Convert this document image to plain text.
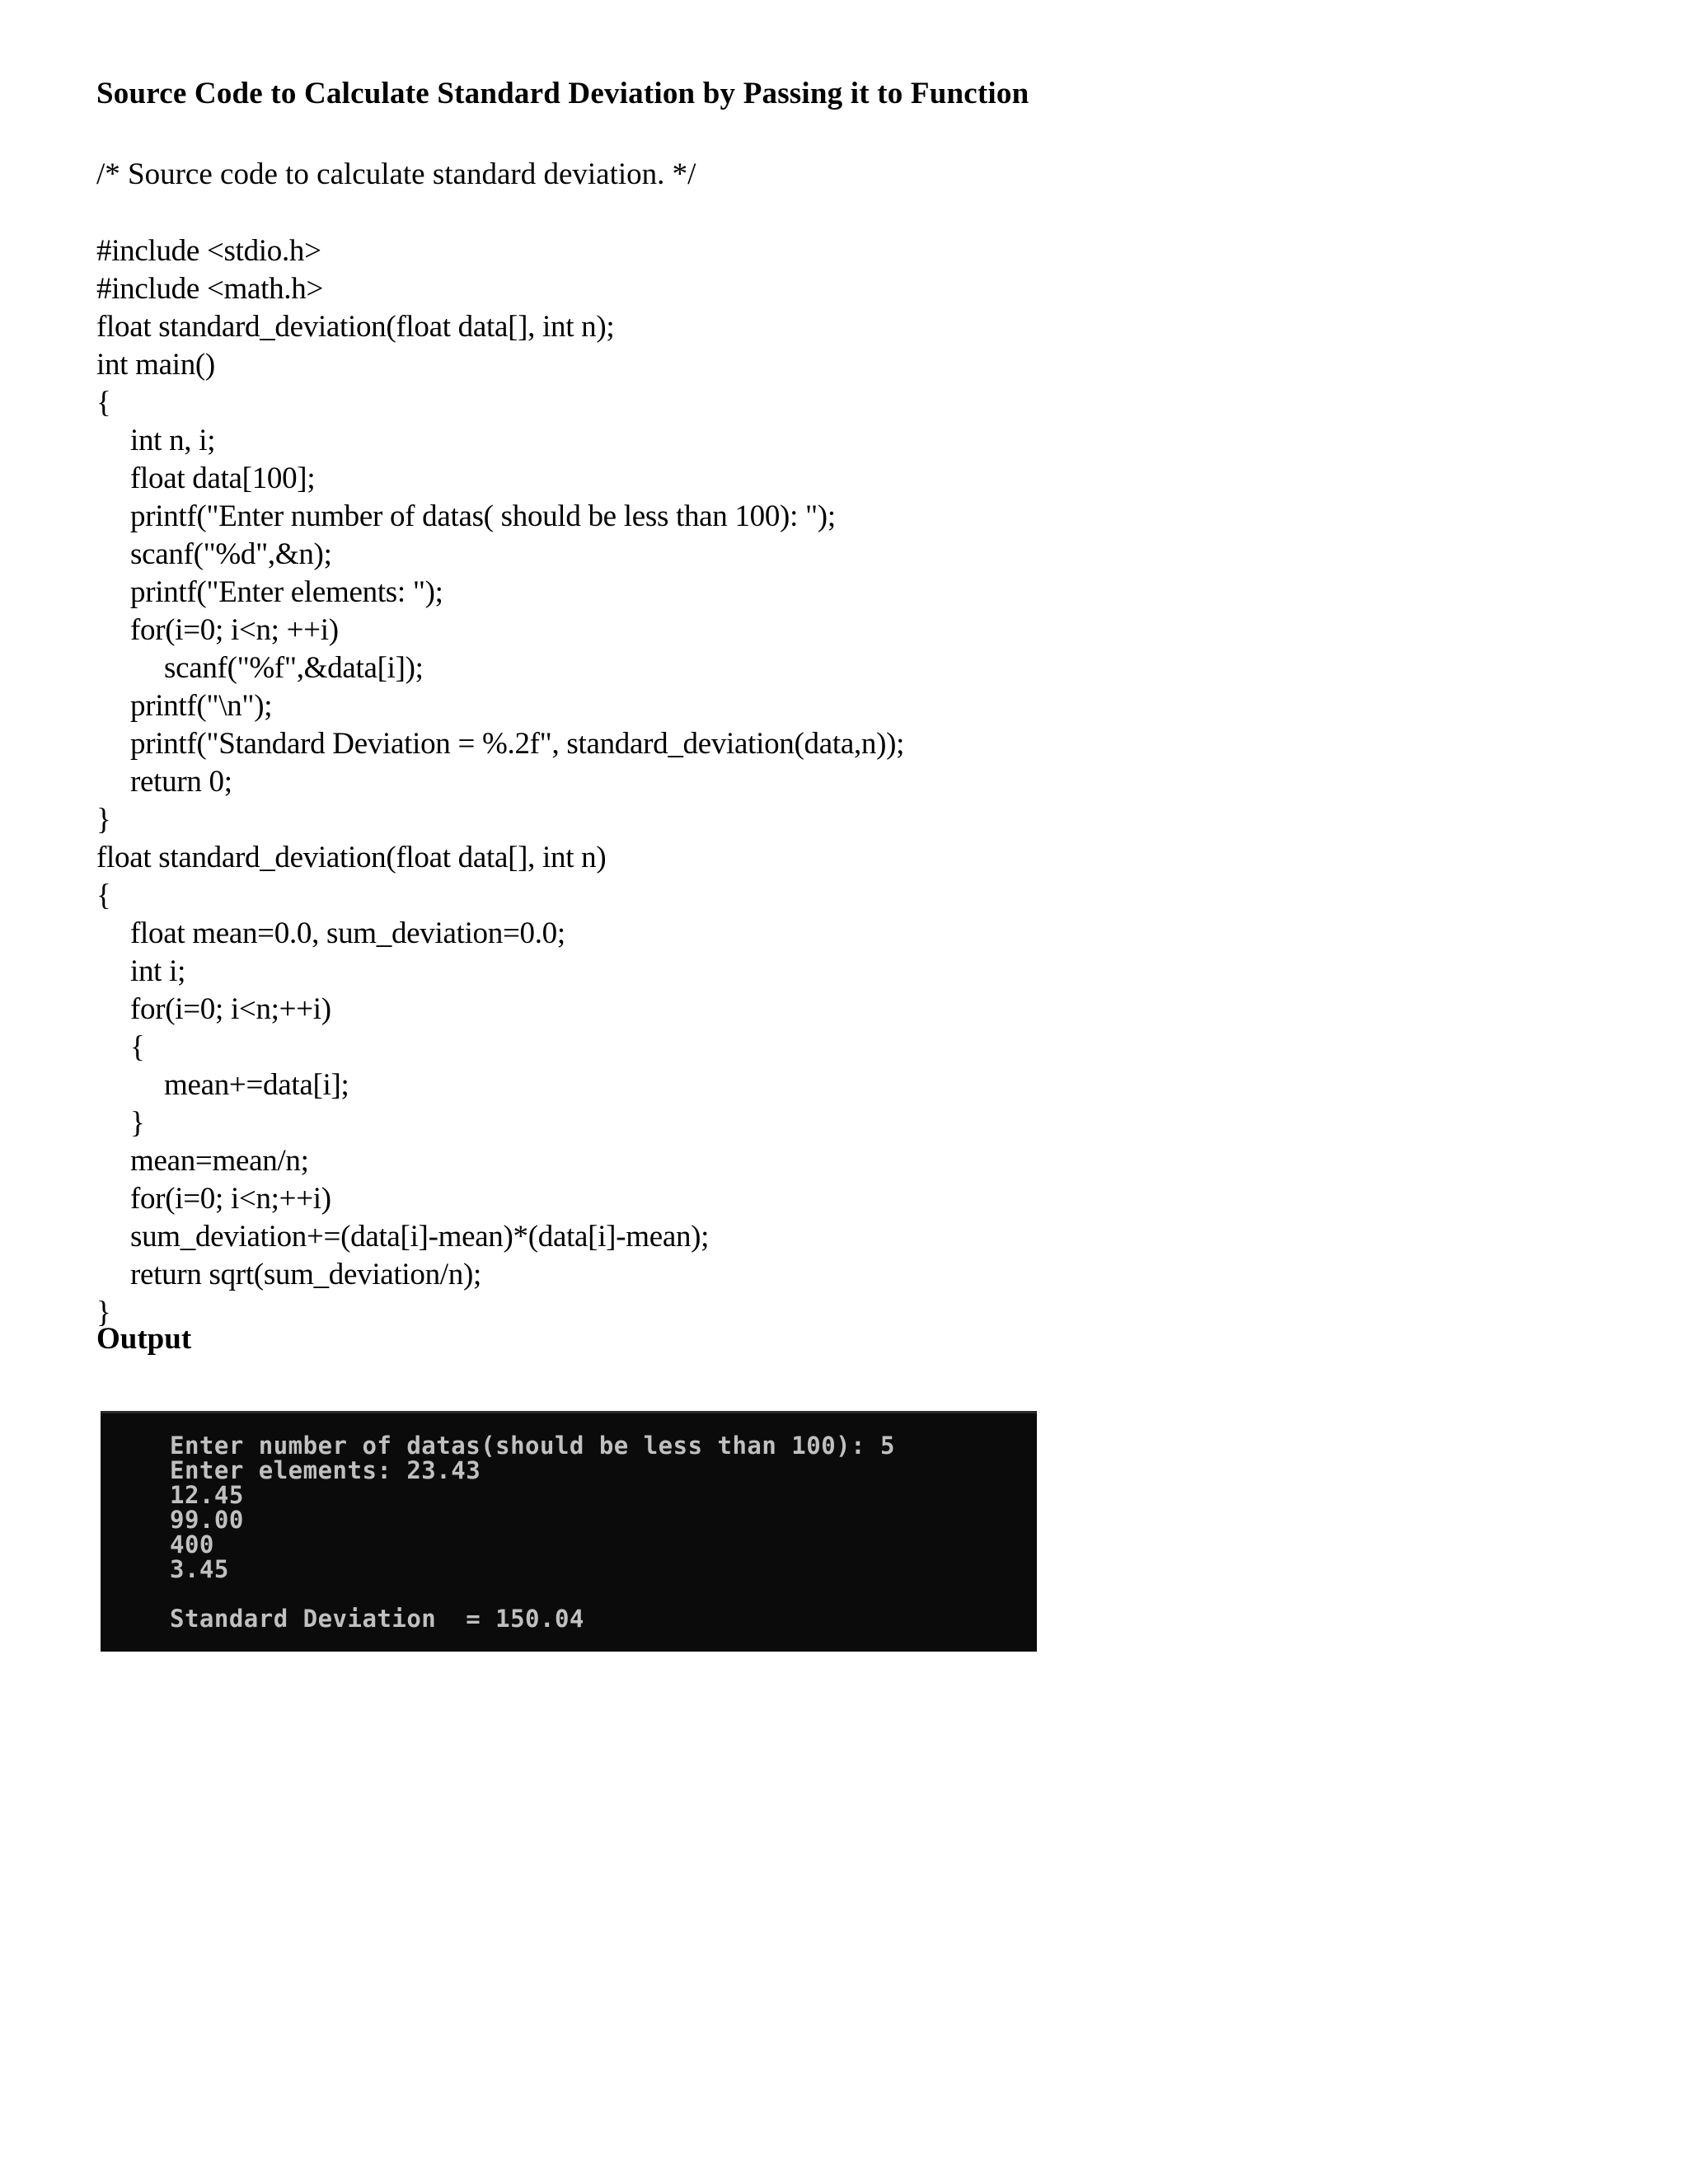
Source Code to Calculate Standard Deviation by Passing it to Function
/* Source code to calculate standard deviation. */
#include <stdio.h>
#include <math.h>
float standard_deviation(float data[], int n);
int main()
{
int n, i;
float data[100];
printf("Enter number of datas( should be less than 100): ");
scanf("%d",&n);
printf("Enter elements: ");
for(i=0; i<n; ++i)
scanf("%f",&data[i]);
printf("\n");
printf("Standard Deviation = %.2f", standard_deviation(data,n));
return 0;
}
float standard_deviation(float data[], int n)
{
float mean=0.0, sum_deviation=0.0;
int i;
for(i=0; i<n;++i)
{
mean+=data[i];
}
mean=mean/n;
for(i=0; i<n;++i)
sum_deviation+=(data[i]-mean)*(data[i]-mean);
return sqrt(sum_deviation/n);
}
Output
Enter number of datas(should be less than 100): 5
Enter elements: 23.43
12.45
99.00
400
3.45
Standard Deviation  = 150.04
